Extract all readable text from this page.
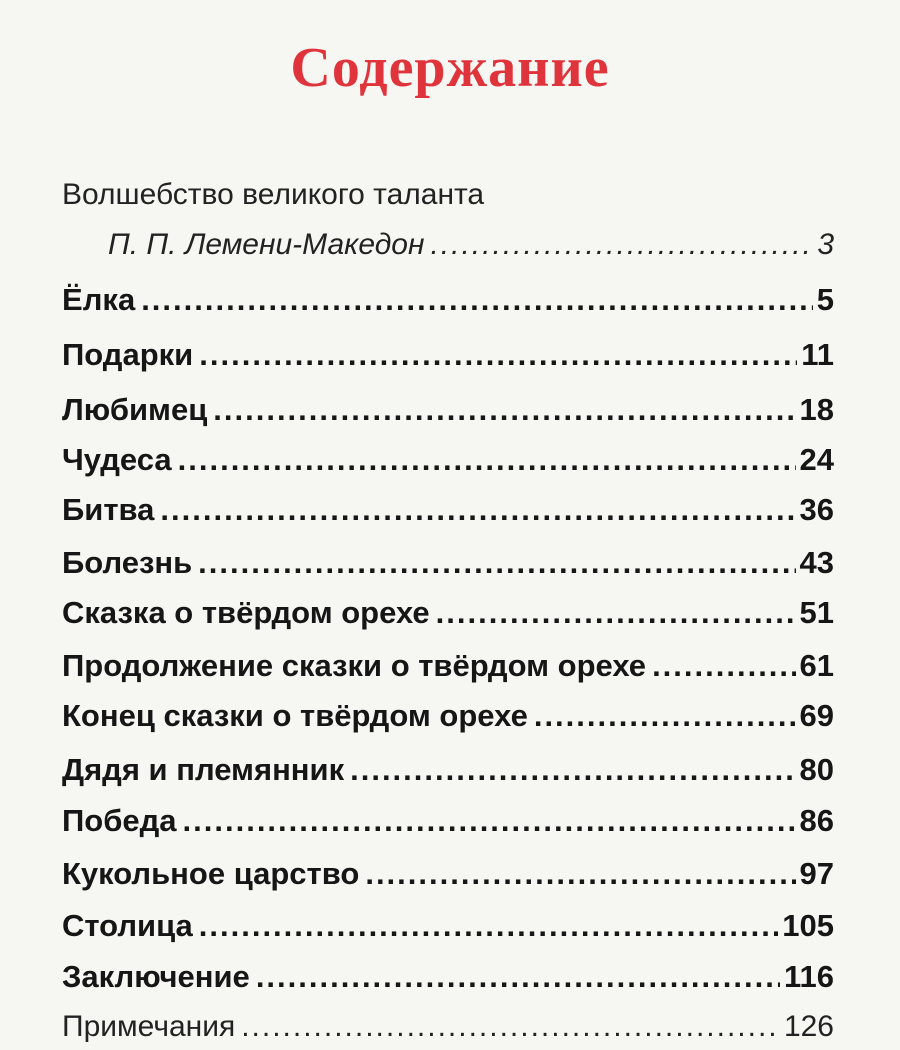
Содержание
Волшебство великого таланта
П. П. Лемени-Македон .....	3
Ёлка .....	5
Подарки .....	11
Любимец .....	18
Чудеса .....	24
Битва .....	36
Болезнь .....	43
Сказка о твёрдом орехе .....	51
Продолжение сказки о твёрдом орехе .....	61
Конец сказки о твёрдом орехе .....	69
Дядя и племянник .....	80
Победа .....	86
Кукольное царство .....	97
Столица .....	105
Заключение .....	116
Примечания .....	126
